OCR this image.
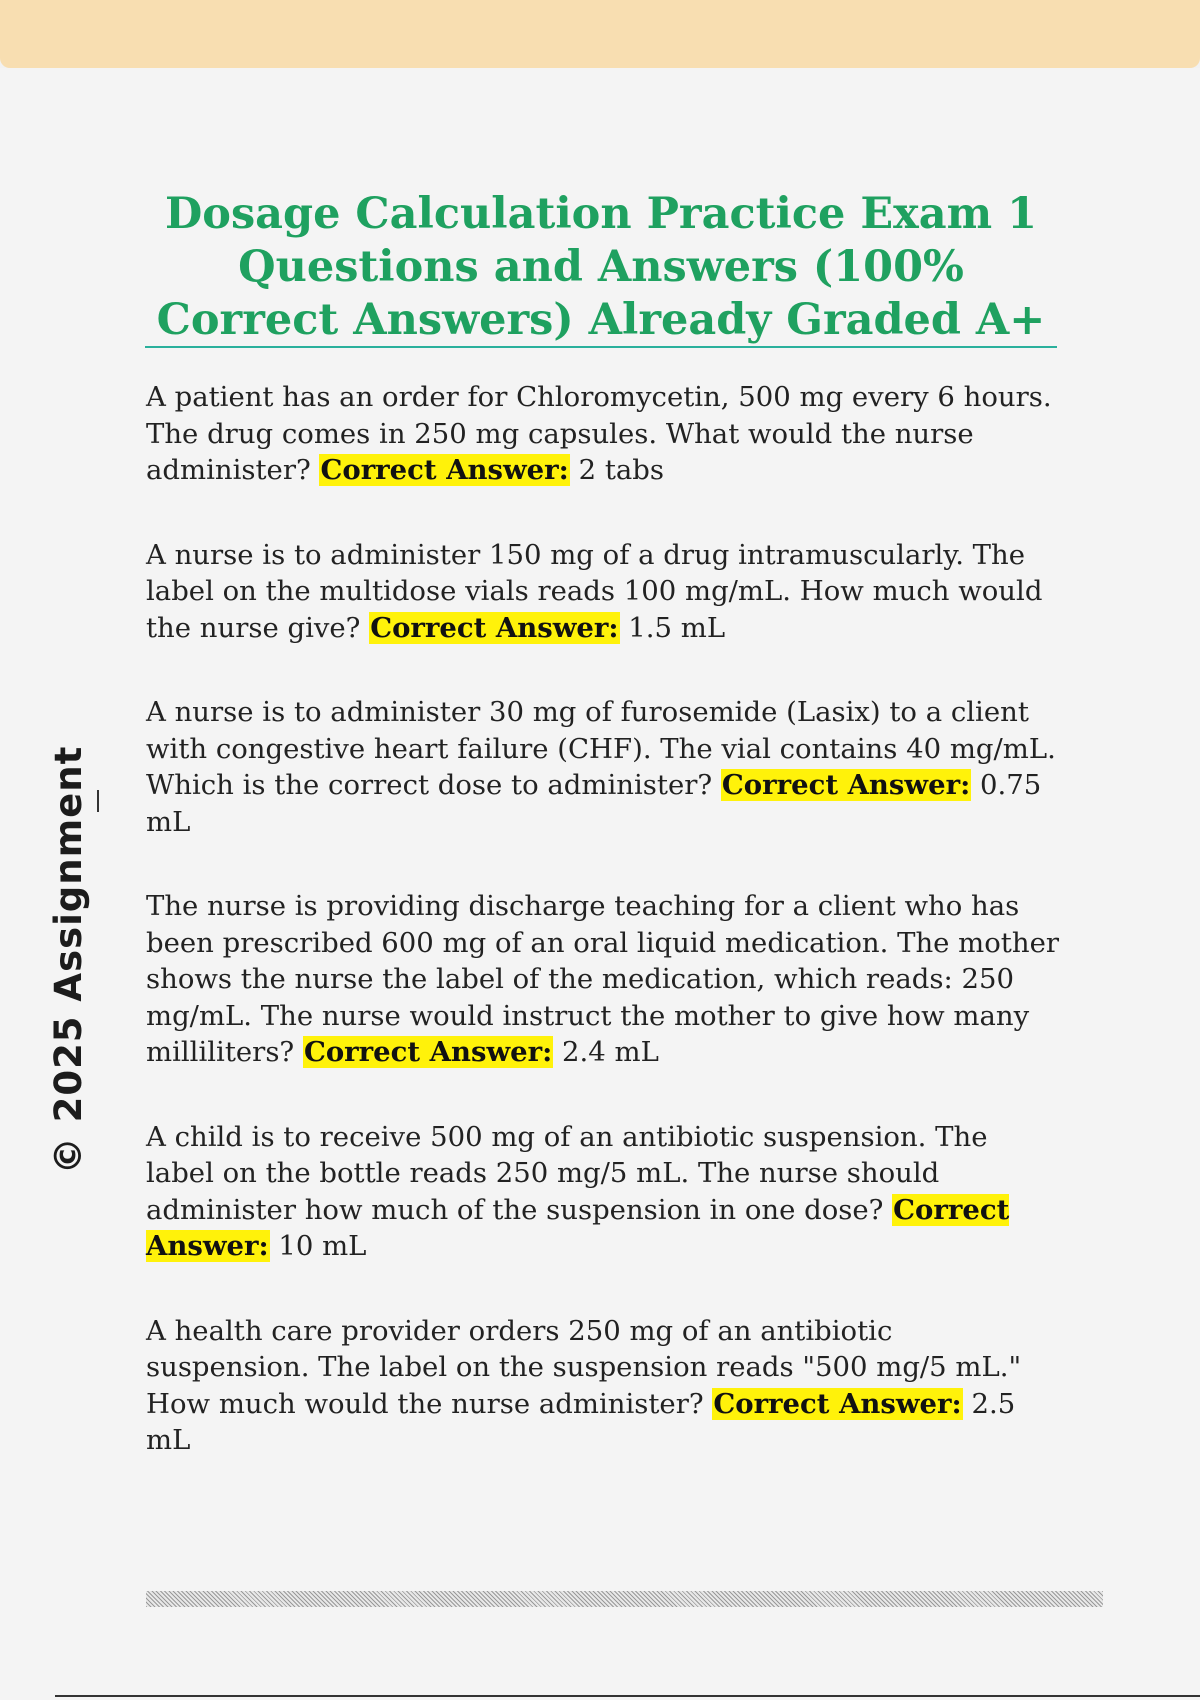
Dosage Calculation Practice Exam 1 Questions and Answers (100% Correct Answers) Already Graded A+

A patient has an order for Chloromycetin, 500 mg every 6 hours. The drug comes in 250 mg capsules. What would the nurse administer? Correct Answer: 2 tabs

A nurse is to administer 150 mg of a drug intramuscularly. The label on the multidose vials reads 100 mg/mL. How much would the nurse give? Correct Answer: 1.5 mL

A nurse is to administer 30 mg of furosemide (Lasix) to a client with congestive heart failure (CHF). The vial contains 40 mg/mL. Which is the correct dose to administer? Correct Answer: 0.75 mL

The nurse is providing discharge teaching for a client who has been prescribed 600 mg of an oral liquid medication. The mother shows the nurse the label of the medication, which reads: 250 mg/mL. The nurse would instruct the mother to give how many milliliters? Correct Answer: 2.4 mL

A child is to receive 500 mg of an antibiotic suspension. The label on the bottle reads 250 mg/5 mL. The nurse should administer how much of the suspension in one dose? Correct Answer: 10 mL

A health care provider orders 250 mg of an antibiotic suspension. The label on the suspension reads "500 mg/5 mL." How much would the nurse administer? Correct Answer: 2.5 mL

© 2025 Assignment
